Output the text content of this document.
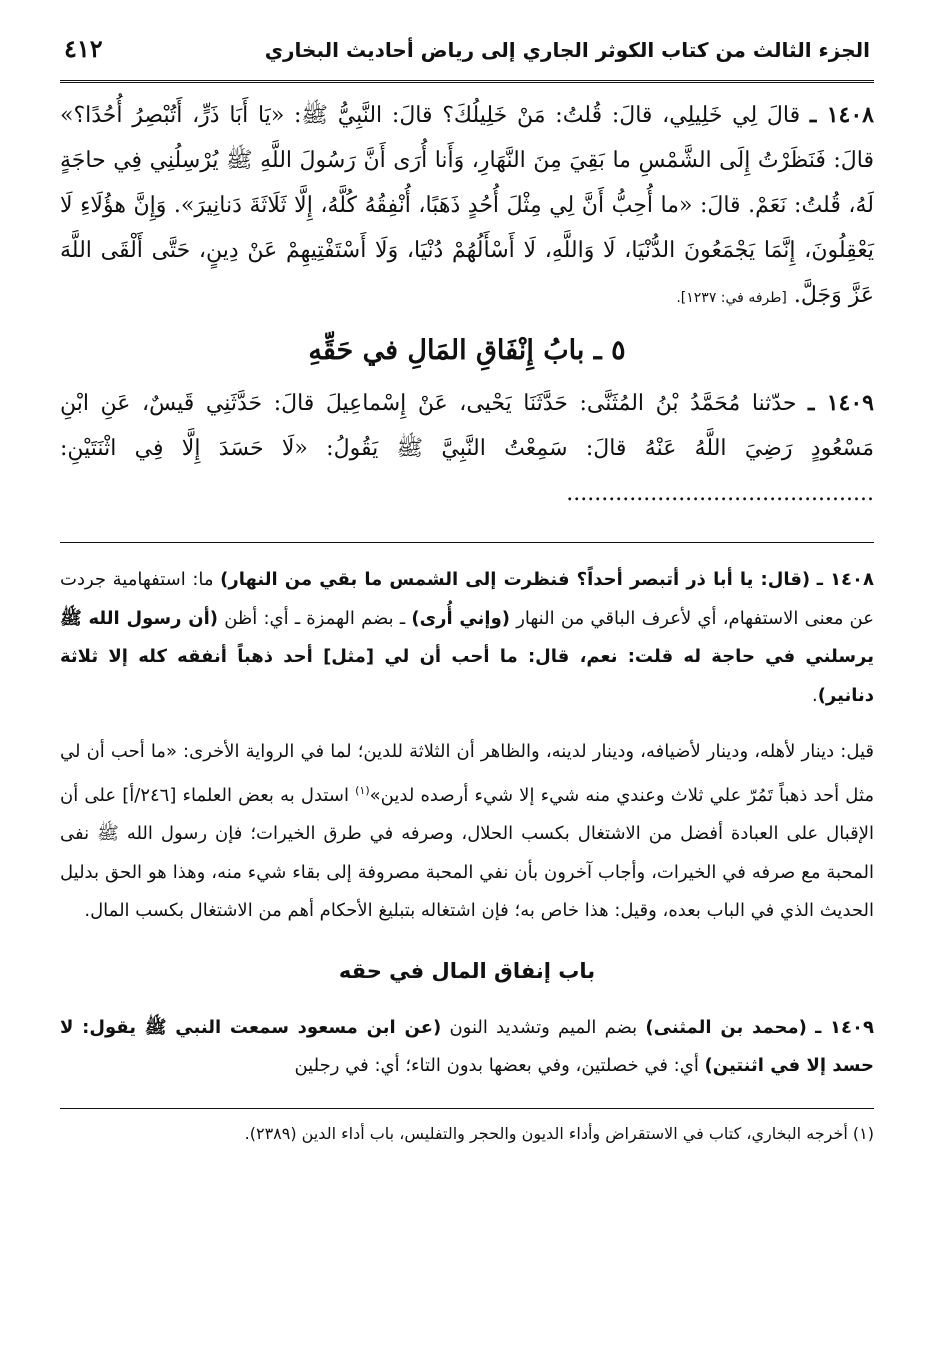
الجزء الثالث من كتاب الكوثر الجاري إلى رياض أحاديث البخاري
٤١٢

١٤٠٨ ـ قالَ لِي خَلِيلِي، قالَ: قُلتُ: مَنْ خَلِيلُكَ؟ قالَ: النَّبِيُّ ﷺ: «يَا أَبَا ذَرٍّ، أَتُبْصِرُ أُحُدًا؟» قالَ: فَنَظَرْتُ إِلَى الشَّمْسِ ما بَقِيَ مِنَ النَّهَارِ، وَأَنا أُرَى أَنَّ رَسُولَ اللَّهِ ﷺ يُرْسِلُنِي فِي حاجَةٍ لَهُ، قُلتُ: نَعَمْ. قالَ: «ما أُحِبُّ أَنَّ لِي مِثْلَ أُحُدٍ ذَهَبًا، أُنْفِقُهُ كُلَّهُ، إِلَّا ثَلَاثَةَ دَنانِيرَ». وَإِنَّ هؤُلَاءِ لَا يَعْقِلُونَ، إِنَّمَا يَجْمَعُونَ الدُّنْيَا، لَا وَاللَّهِ، لَا أَسْأَلُهُمْ دُنْيَا، وَلَا أَسْتَفْتِيهِمْ عَنْ دِينٍ، حَتَّى أَلْقَى اللَّهَ عَزَّ وَجَلَّ. [طرفه في: ١٢٣٧].

٥ ـ بابُ إِنْفَاقِ المَالِ في حَقِّهِ

١٤٠٩ ـ حدّثنا مُحَمَّدُ بْنُ المُثَنَّى: حَدَّثَنَا يَحْيى، عَنْ إِسْماعِيلَ قالَ: حَدَّثَنِي قَيسٌ، عَنِ ابْنِ مَسْعُودٍ رَضِيَ اللَّهُ عَنْهُ قالَ: سَمِعْتُ النَّبِيَّ ﷺ يَقُولُ: «لَا حَسَدَ إِلَّا فِي اثْنَتَيْنِ: ............................................

١٤٠٨ ـ (قال: يا أبا ذر أتبصر أحداً؟ فنظرت إلى الشمس ما بقي من النهار) ما: استفهامية جردت عن معنى الاستفهام، أي لأعرف الباقي من النهار (وإني أُرى) ـ بضم الهمزة ـ أي: أظن (أن رسول الله ﷺ يرسلني في حاجة له قلت: نعم، قال: ما أحب أن لي [مثل] أحد ذهباً أنفقه كله إلا ثلاثة دنانير).

قيل: دينار لأهله، ودينار لأضيافه، ودينار لدينه، والظاهر أن الثلاثة للدين؛ لما في الرواية الأخرى: «ما أحب أن لي مثل أحد ذهباً تَمُرّ علي ثلاث وعندي منه شيء إلا شيء أرصده لدين»$^{(١)}$ استدل به بعض العلماء [٢٤٦/أ] على أن الإقبال على العبادة أفضل من الاشتغال بكسب الحلال، وصرفه في طرق الخيرات؛ فإن رسول الله ﷺ نفى المحبة مع صرفه في الخيرات، وأجاب آخرون بأن نفي المحبة مصروفة إلى بقاء شيء منه، وهذا هو الحق بدليل الحديث الذي في الباب بعده، وقيل: هذا خاص به؛ فإن اشتغاله بتبليغ الأحكام أهم من الاشتغال بكسب المال.

باب إنفاق المال في حقه

١٤٠٩ ـ (محمد بن المثنى) بضم الميم وتشديد النون (عن ابن مسعود سمعت النبي ﷺ يقول: لا حسد إلا في اثنتين) أي: في خصلتين، وفي بعضها بدون التاء؛ أي: في رجلين

(١) أخرجه البخاري، كتاب في الاستقراض وأداء الديون والحجر والتفليس، باب أداء الدين (٢٣٨٩).
